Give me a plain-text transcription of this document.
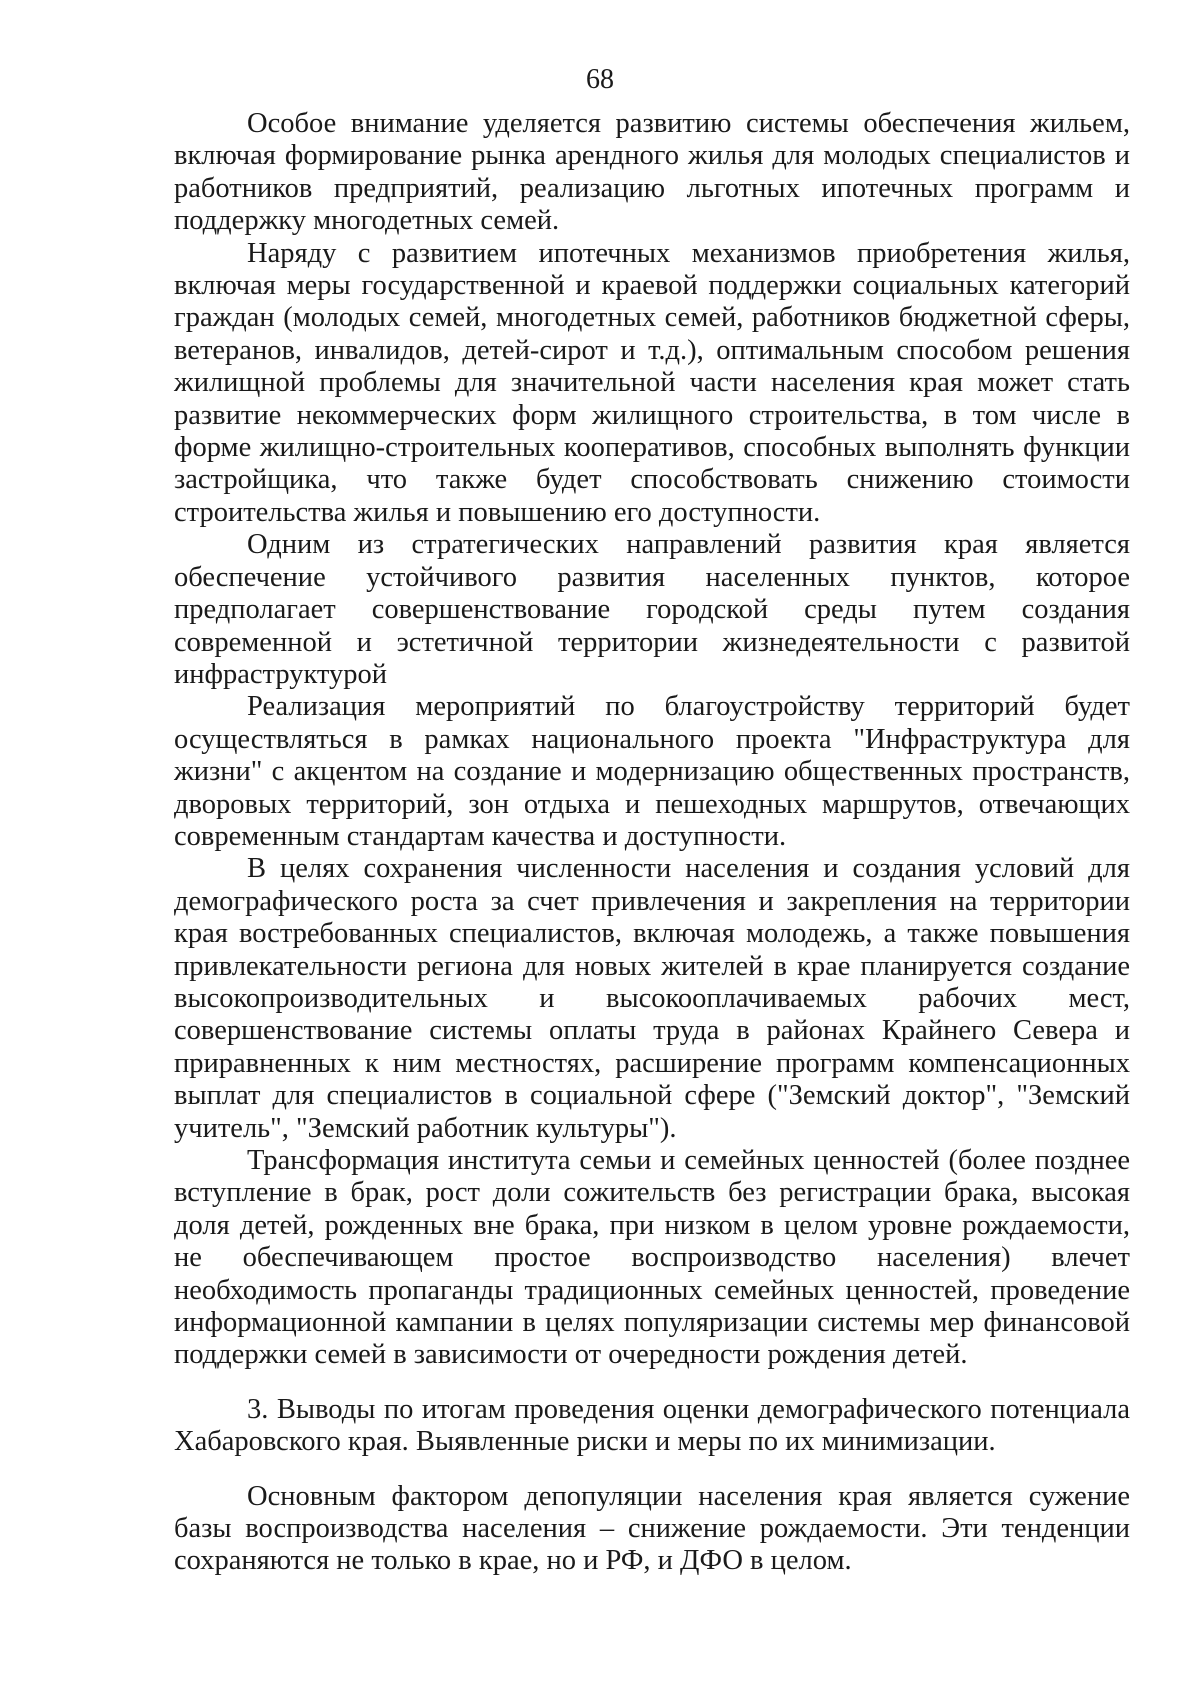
68

Особое внимание уделяется развитию системы обеспечения жильем, включая формирование рынка арендного жилья для молодых специалистов и работников предприятий, реализацию льготных ипотечных программ и поддержку многодетных семей.

Наряду с развитием ипотечных механизмов приобретения жилья, включая меры государственной и краевой поддержки социальных категорий граждан (молодых семей, многодетных семей, работников бюджетной сферы, ветеранов, инвалидов, детей-сирот и т.д.), оптимальным способом решения жилищной проблемы для значительной части населения края может стать развитие некоммерческих форм жилищного строительства, в том числе в форме жилищно-строительных кооперативов, способных выполнять функции застройщика, что также будет способствовать снижению стоимости строительства жилья и повышению его доступности.

Одним из стратегических направлений развития края является обеспечение устойчивого развития населенных пунктов, которое предполагает совершенствование городской среды путем создания современной и эстетичной территории жизнедеятельности с развитой инфраструктурой

Реализация мероприятий по благоустройству территорий будет осуществляться в рамках национального проекта "Инфраструктура для жизни" с акцентом на создание и модернизацию общественных пространств, дворовых территорий, зон отдыха и пешеходных маршрутов, отвечающих современным стандартам качества и доступности.

В целях сохранения численности населения и создания условий для демографического роста за счет привлечения и закрепления на территории края востребованных специалистов, включая молодежь, а также повышения привлекательности региона для новых жителей в крае планируется создание высокопроизводительных и высокооплачиваемых рабочих мест, совершенствование системы оплаты труда в районах Крайнего Севера и приравненных к ним местностях, расширение программ компенсационных выплат для специалистов в социальной сфере ("Земский доктор", "Земский учитель", "Земский работник культуры").

Трансформация института семьи и семейных ценностей (более позднее вступление в брак, рост доли сожительств без регистрации брака, высокая доля детей, рожденных вне брака, при низком в целом уровне рождаемости, не обеспечивающем простое воспроизводство населения) влечет необходимость пропаганды традиционных семейных ценностей, проведение информационной кампании в целях популяризации системы мер финансовой поддержки семей в зависимости от очередности рождения детей.

3. Выводы по итогам проведения оценки демографического потенциала Хабаровского края. Выявленные риски и меры по их минимизации.

Основным фактором депопуляции населения края является сужение базы воспроизводства населения – снижение рождаемости. Эти тенденции сохраняются не только в крае, но и РФ, и ДФО в целом.
